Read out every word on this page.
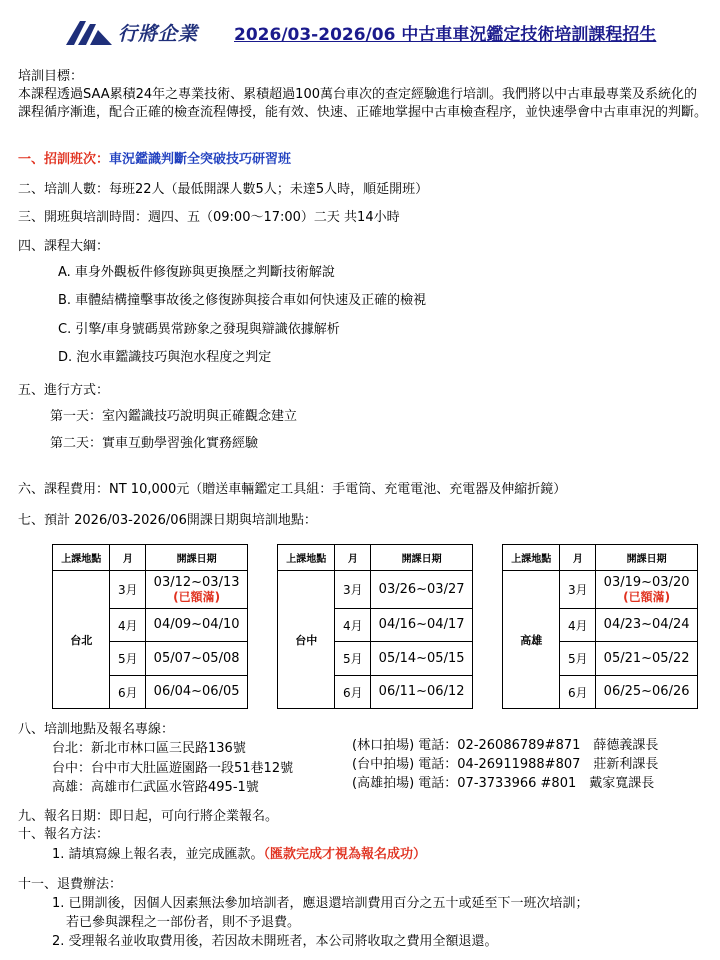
行將企業 2026/03-2026/06 中古車車況鑑定技術培訓課程招生
培訓目標：
本課程透過SAA累積24年之專業技術、累積超過100萬台車次的查定經驗進行培訓。我們將以中古車最專業及系統化的課程循序漸進，配合正確的檢查流程傳授，能有效、快速、正確地掌握中古車檢查程序，並快速學會中古車車況的判斷。
一、招訓班次：車況鑑識判斷全突破技巧研習班
二、培訓人數：每班22人（最低開課人數5人；未達5人時，順延開班）
三、開班與培訓時間：週四、五（09:00～17:00）二天 共14小時
四、課程大綱：
A. 車身外觀板件修復跡與更換歷之判斷技術解說
B. 車體結構撞擊事故後之修復跡與接合車如何快速及正確的檢視
C. 引擎/車身號碼異常跡象之發現與辯識依據解析
D. 泡水車鑑識技巧與泡水程度之判定
五、進行方式：
第一天：室內鑑識技巧說明與正確觀念建立
第二天：實車互動學習強化實務經驗
六、課程費用：NT 10,000元（贈送車輛鑑定工具組：手電筒、充電電池、充電器及伸縮折鏡）
七、預計 2026/03-2026/06開課日期與培訓地點：
上課地點	月	開課日期
台北	3月	03/12~03/13
(已額滿)

	4月	04/09~04/10
	5月	05/07~05/08
	6月	06/04~06/05
上課地點	月	開課日期
台中	3月	03/26~03/27
	4月	04/16~04/17
	5月	05/14~05/15
	6月	06/11~06/12
上課地點	月	開課日期
高雄	3月	03/19~03/20
(已額滿)

	4月	04/23~04/24
	5月	05/21~05/22
	6月	06/25~06/26
八、培訓地點及報名專線：
台北：新北市林口區三民路136號
台中：台中市大肚區遊園路一段51巷12號
高雄：高雄市仁武區水管路495-1號
(林口拍場) 電話：02-26086789#871　薛德義課長
(台中拍場) 電話：04-26911988#807　莊新利課長
(高雄拍場) 電話：07-3733966 #801　戴家寬課長
九、報名日期：即日起，可向行將企業報名。
十、報名方法：
1. 請填寫線上報名表，並完成匯款。（匯款完成才視為報名成功）
十一、退費辦法：
1. 已開訓後，因個人因素無法參加培訓者，應退還培訓費用百分之五十或延至下一班次培訓；
若已參與課程之一部份者，則不予退費。
2. 受理報名並收取費用後，若因故未開班者，本公司將收取之費用全額退還。
